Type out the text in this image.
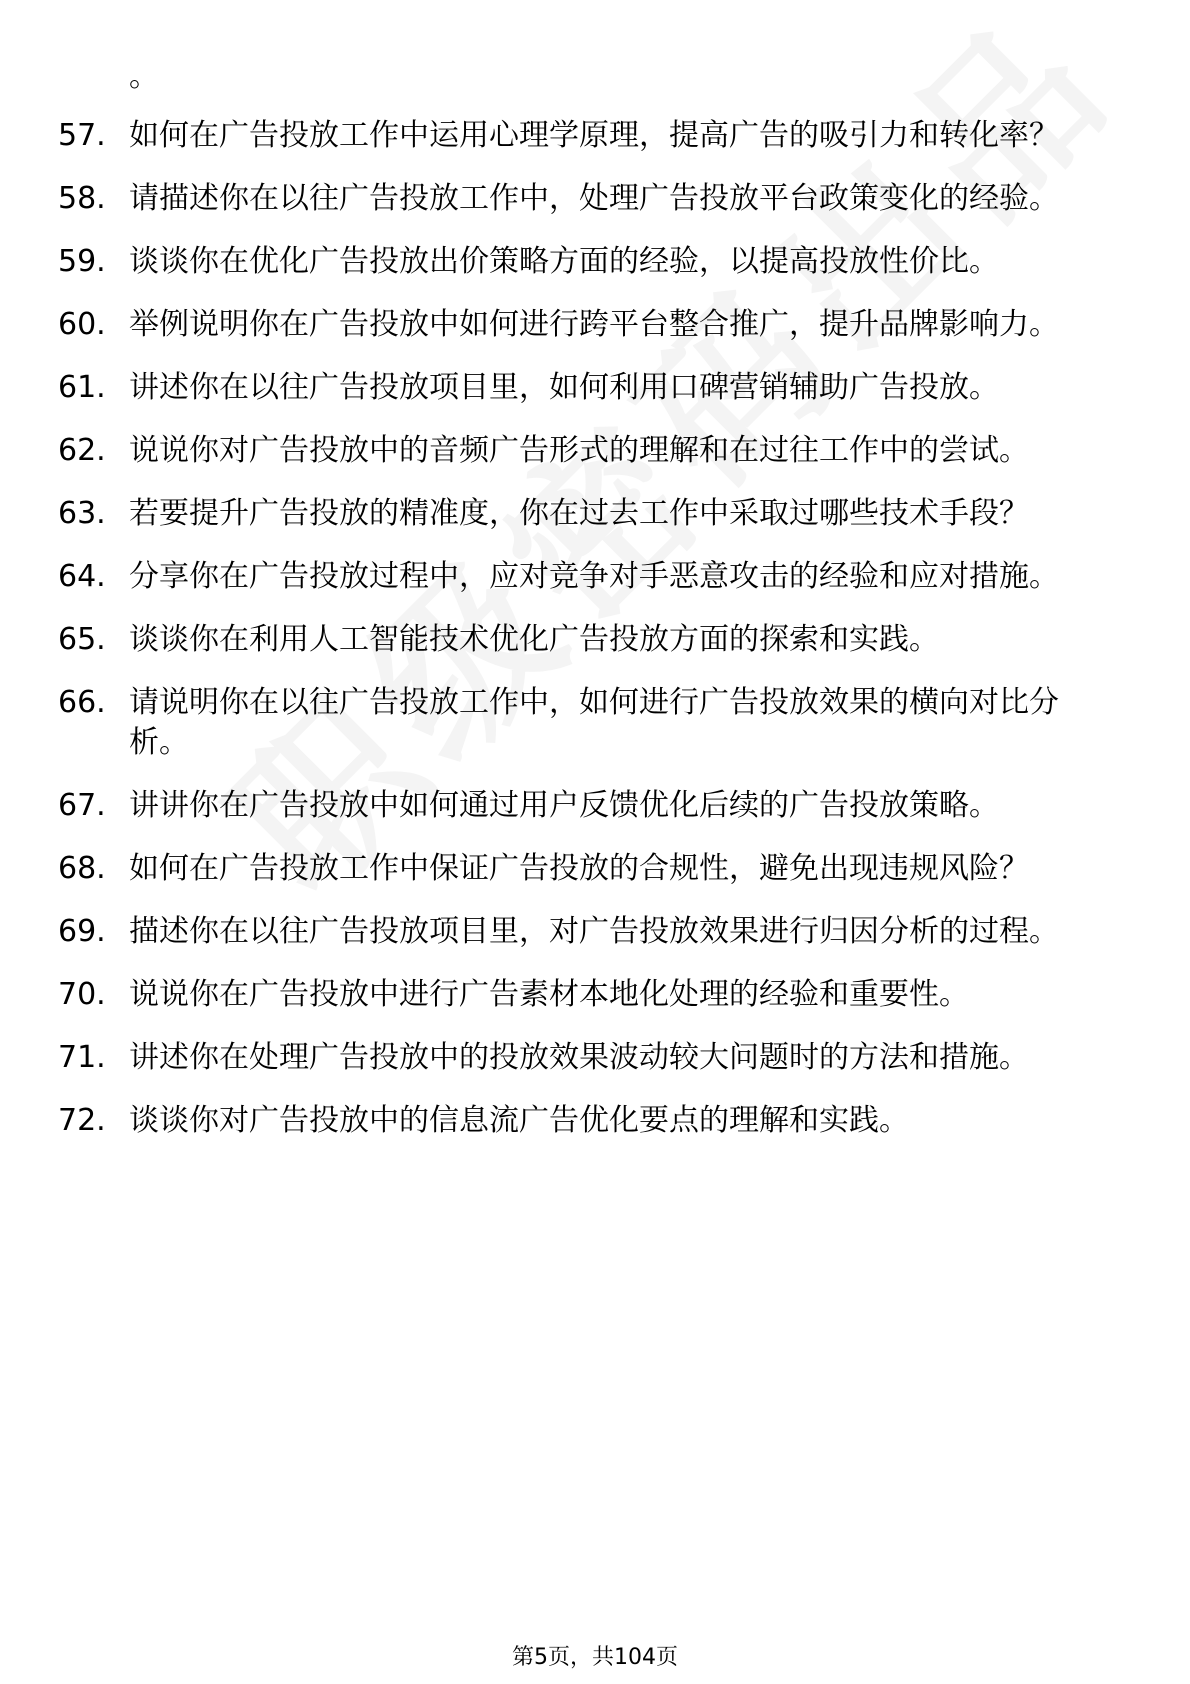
。
57. 如何在广告投放工作中运用心理学原理，提高广告的吸引力和转化率？
58. 请描述你在以往广告投放工作中，处理广告投放平台政策变化的经验。
59. 谈谈你在优化广告投放出价策略方面的经验，以提高投放性价比。
60. 举例说明你在广告投放中如何进行跨平台整合推广，提升品牌影响力。
61. 讲述你在以往广告投放项目里，如何利用口碑营销辅助广告投放。
62. 说说你对广告投放中的音频广告形式的理解和在过往工作中的尝试。
63. 若要提升广告投放的精准度，你在过去工作中采取过哪些技术手段？
64. 分享你在广告投放过程中，应对竞争对手恶意攻击的经验和应对措施。
65. 谈谈你在利用人工智能技术优化广告投放方面的探索和实践。
66. 请说明你在以往广告投放工作中，如何进行广告投放效果的横向对比分析。
67. 讲讲你在广告投放中如何通过用户反馈优化后续的广告投放策略。
68. 如何在广告投放工作中保证广告投放的合规性，避免出现违规风险？
69. 描述你在以往广告投放项目里，对广告投放效果进行归因分析的过程。
70. 说说你在广告投放中进行广告素材本地化处理的经验和重要性。
71. 讲述你在处理广告投放中的投放效果波动较大问题时的方法和措施。
72. 谈谈你对广告投放中的信息流广告优化要点的理解和实践。
第5页，共104页
